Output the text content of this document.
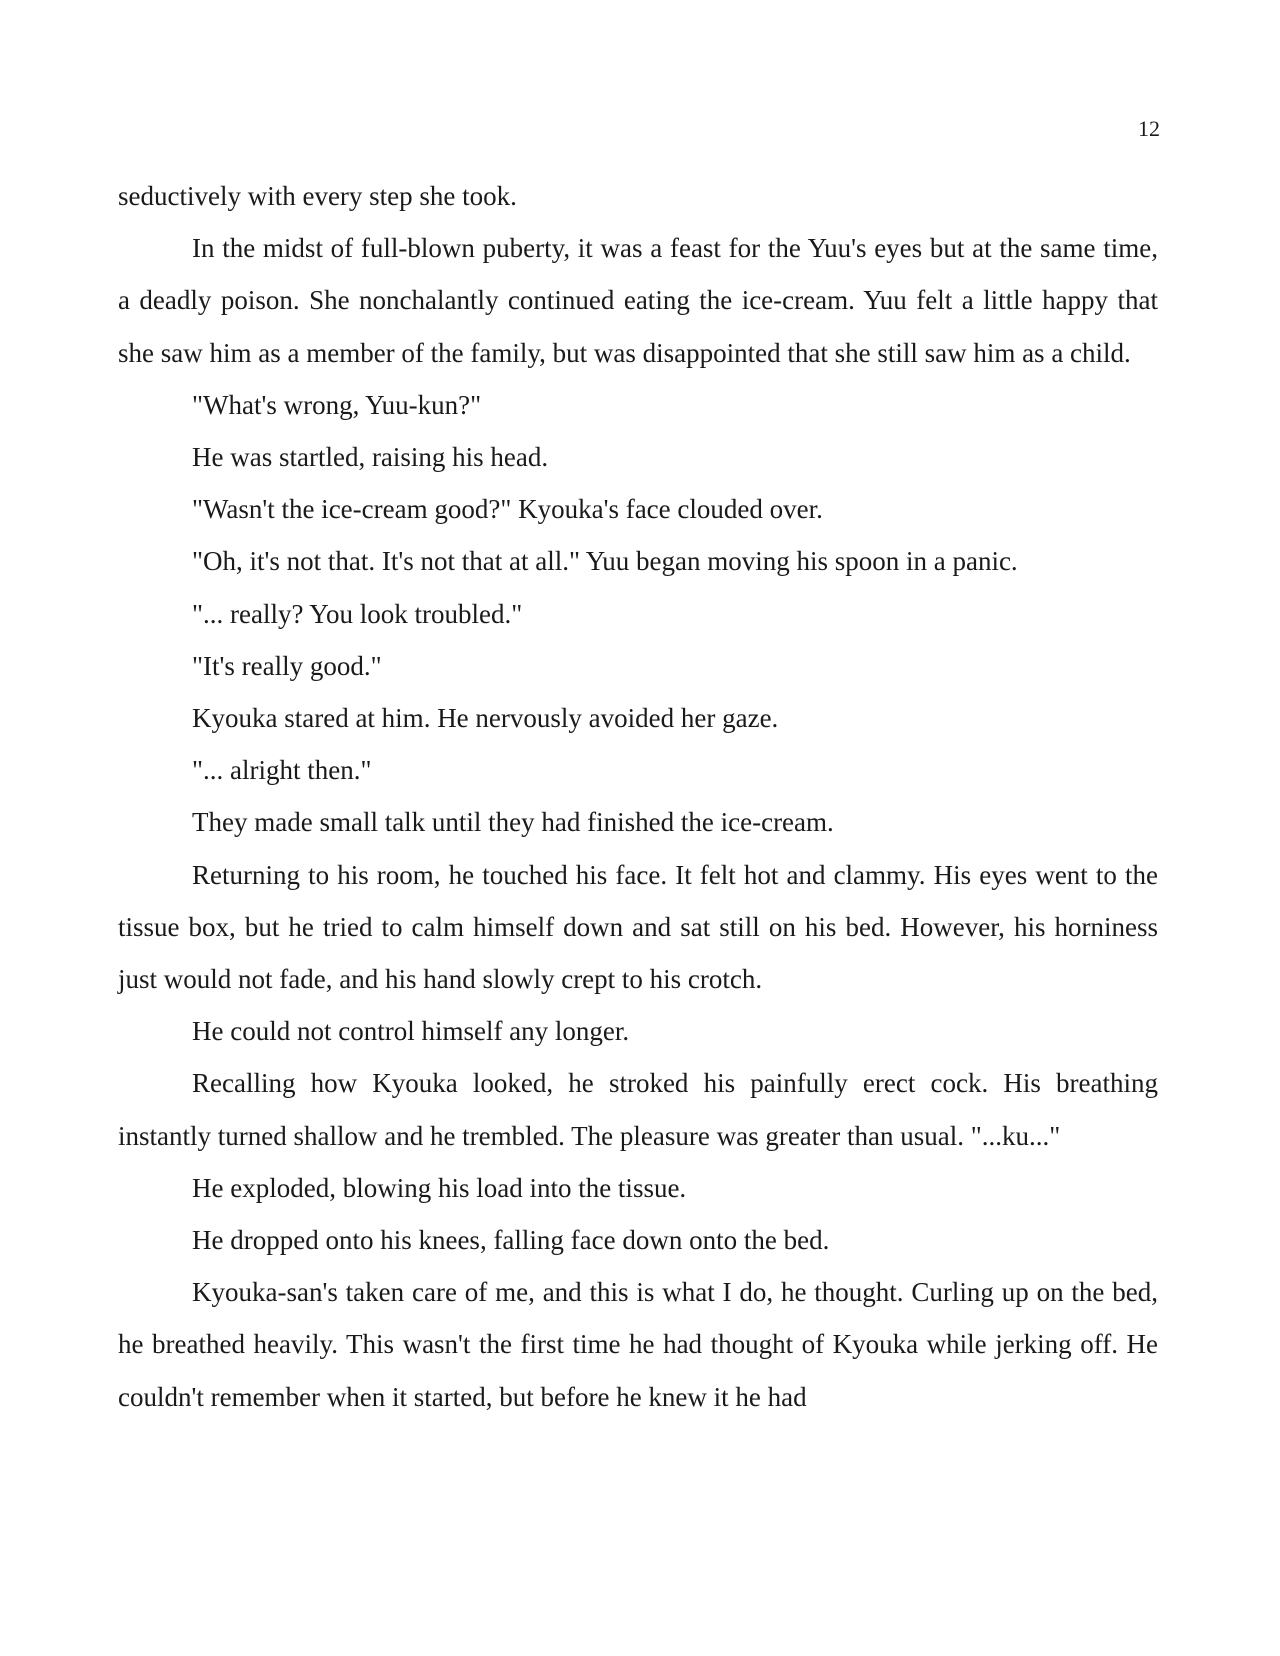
12

seductively with every step she took.

In the midst of full-blown puberty, it was a feast for the Yuu's eyes but at the same time, a deadly poison. She nonchalantly continued eating the ice-cream. Yuu felt a little happy that she saw him as a member of the family, but was disappointed that she still saw him as a child.

"What's wrong, Yuu-kun?"

He was startled, raising his head.

"Wasn't the ice-cream good?" Kyouka's face clouded over.

"Oh, it's not that. It's not that at all." Yuu began moving his spoon in a panic.

"... really? You look troubled."

"It's really good."

Kyouka stared at him. He nervously avoided her gaze.

"... alright then."

They made small talk until they had finished the ice-cream.

Returning to his room, he touched his face. It felt hot and clammy. His eyes went to the tissue box, but he tried to calm himself down and sat still on his bed. However, his horniness just would not fade, and his hand slowly crept to his crotch.

He could not control himself any longer.

Recalling how Kyouka looked, he stroked his painfully erect cock. His breathing instantly turned shallow and he trembled. The pleasure was greater than usual. "...ku..."

He exploded, blowing his load into the tissue.

He dropped onto his knees, falling face down onto the bed.

Kyouka-san's taken care of me, and this is what I do, he thought. Curling up on the bed, he breathed heavily. This wasn't the first time he had thought of Kyouka while jerking off. He couldn't remember when it started, but before he knew it he had
